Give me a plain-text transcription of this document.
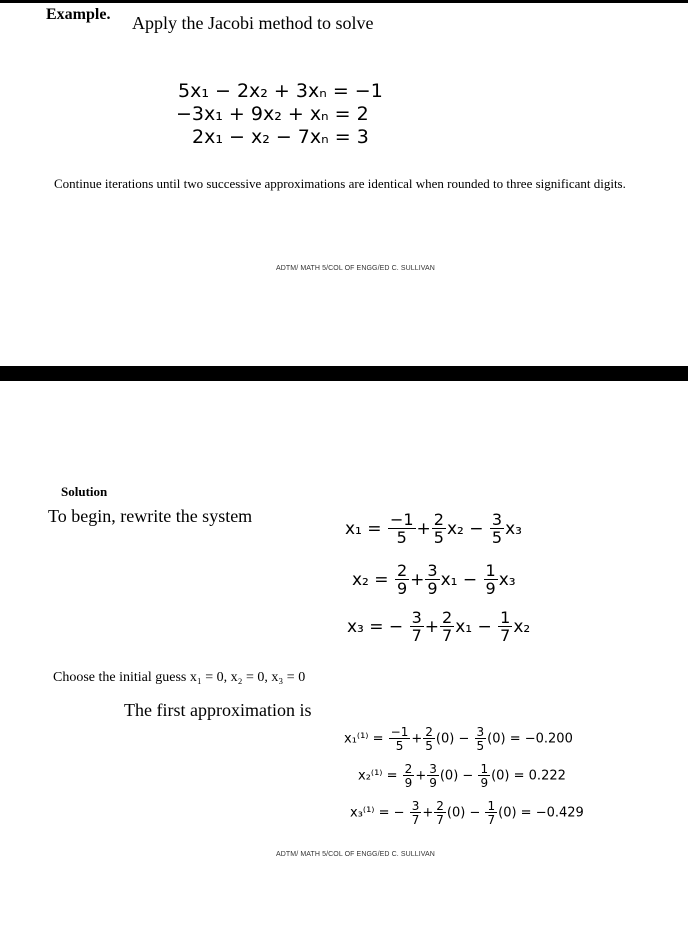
Example. Apply the Jacobi method to solve
5x₁ − 2x₂ + 3xₙ = −1
−3x₁ + 9x₂ + xₙ = 2
2x₁ − x₂ − 7xₙ = 3
Continue iterations until two successive approximations are identical when rounded to three significant digits.
ADTM/ MATH 5/COL OF ENGG/ED C. SULLIVAN
Solution
To begin, rewrite the system
$x_1 = \frac{-1}{5} + \frac{2}{5} x_2 - \frac{3}{5} x_3$
$x_2 = \frac{2}{9} + \frac{3}{9} x_1 - \frac{1}{9} x_3$
x₃ = − $\frac{3}{7} + \frac{2}{7} x_1 - \frac{1}{7} x_2$
Choose the initial guess x₁ = 0, x₂ = 0, x₃ = 0
The first approximation is
$x_1^{(1)} = \frac{-1}{5} + \frac{2}{5} (0) - \frac{3}{5} (0) = -0.200$
$x_2^{(1)} = \frac{2}{9} + \frac{3}{9} (0) - \frac{1}{9} (0) = 0.222$
x₃⁽¹⁾ = − $\frac{3}{7} + \frac{2}{7} (0) - \frac{1}{7} (0) = -0.429$
ADTM/ MATH 5/COL OF ENGG/ED C. SULLIVAN
